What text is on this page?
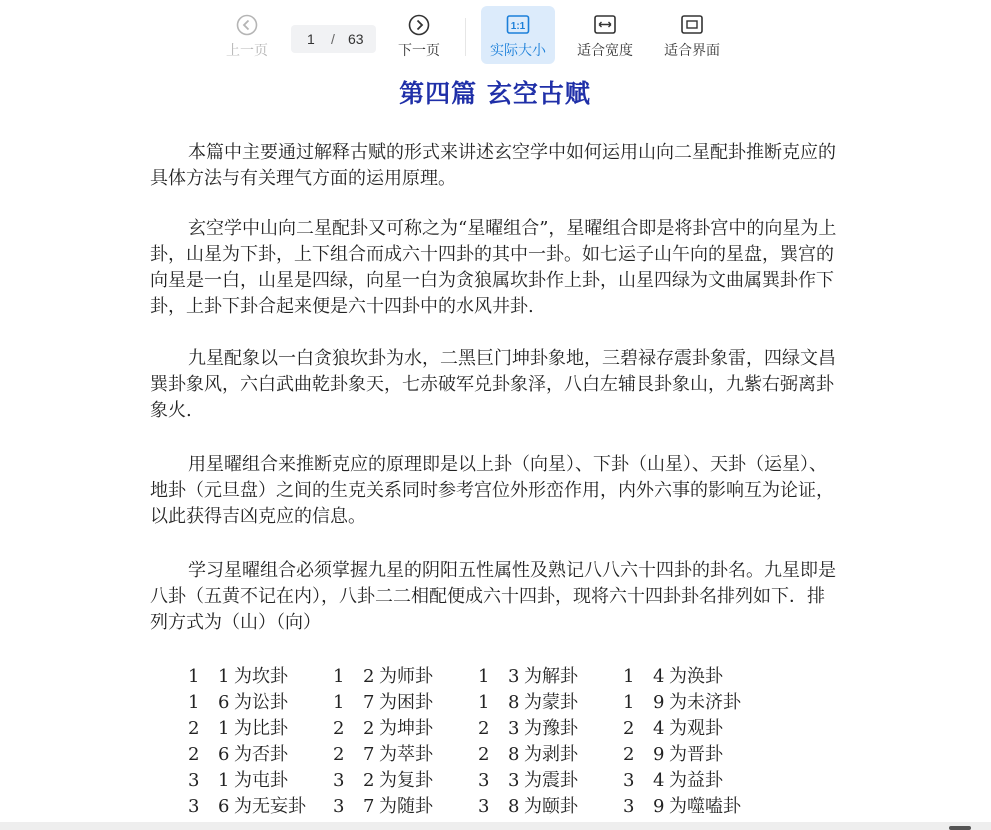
上一页
1 / 63
下一页
1:1
实际大小	适合宽度	适合界面
第四篇 玄空古赋

本篇中主要通过解释古赋的形式来讲述玄空学中如何运用山向二星配卦推断克应的具体方法与有关理气方面的运用原理。

玄空学中山向二星配卦又可称之为“星曜组合”，星曜组合即是将卦宫中的向星为上卦，山星为下卦，上下组合而成六十四卦的其中一卦。如七运子山午向的星盘，巽宫的向星是一白，山星是四绿，向星一白为贪狼属坎卦作上卦，山星四绿为文曲属巽卦作下卦，上卦下卦合起来便是六十四卦中的水风井卦.

九星配象以一白贪狼坎卦为水，二黑巨门坤卦象地，三碧禄存震卦象雷，四绿文昌巽卦象风，六白武曲乾卦象天，七赤破军兑卦象泽，八白左辅艮卦象山，九紫右弼离卦象火.

用星曜组合来推断克应的原理即是以上卦（向星）、下卦（山星）、天卦（运星）、地卦（元旦盘）之间的生克关系同时参考宫位外形峦作用，内外六事的影响互为论证，以此获得吉凶克应的信息。

学习星曜组合必须掌握九星的阴阳五性属性及熟记八八六十四卦的卦名。九星即是八卦（五黄不记在内），八卦二二相配便成六十四卦，现将六十四卦卦名排列如下．排列方式为（山）（向）

1 1 为坎卦	1 2 为师卦	1 3 为解卦	1 4 为涣卦
1 6 为讼卦	1 7 为困卦	1 8 为蒙卦	1 9 为未济卦
2 1 为比卦	2 2 为坤卦	2 3 为豫卦	2 4 为观卦
2 6 为否卦	2 7 为萃卦	2 8 为剥卦	2 9 为晋卦
3 1 为屯卦	3 2 为复卦	3 3 为震卦	3 4 为益卦
3 6 为无妄卦 3 7 为随卦	3 8 为颐卦	3 9 为噬嗑卦
